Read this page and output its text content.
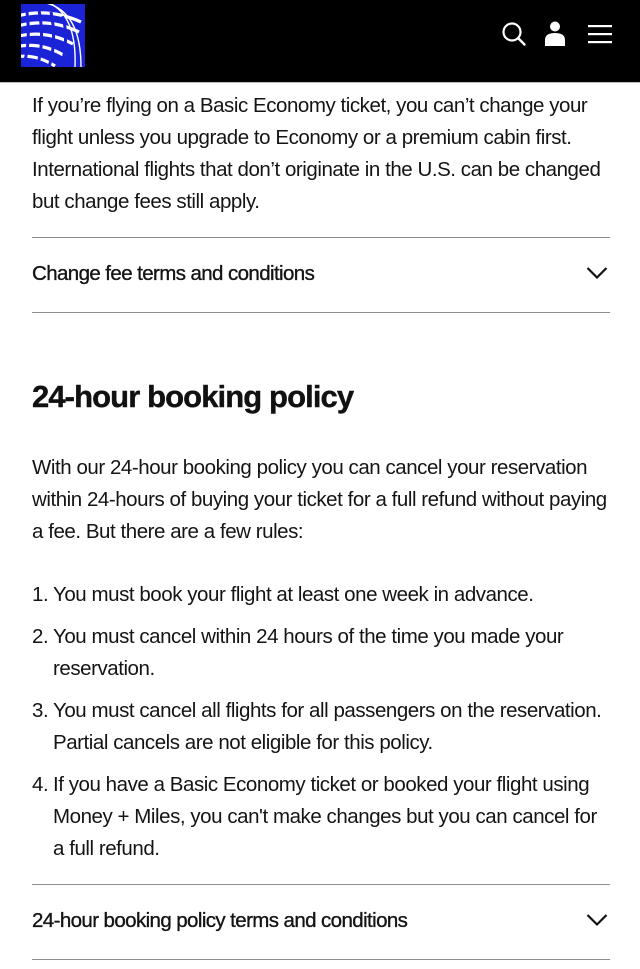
If you’re flying on a Basic Economy ticket, you can’t change your flight unless you upgrade to Economy or a premium cabin first. International flights that don’t originate in the U.S. can be changed but change fees still apply.

Change fee terms and conditions
24-hour booking policy

With our 24-hour booking policy you can cancel your reservation within 24-hours of buying your ticket for a full refund without paying a fee. But there are a few rules:

1. You must book your flight at least one week in advance.
2. You must cancel within 24 hours of the time you made your reservation.
3. You must cancel all flights for all passengers on the reservation. Partial cancels are not eligible for this policy.
4. If you have a Basic Economy ticket or booked your flight using Money + Miles, you can't make changes but you can cancel for a full refund.
24-hour booking policy terms and conditions
